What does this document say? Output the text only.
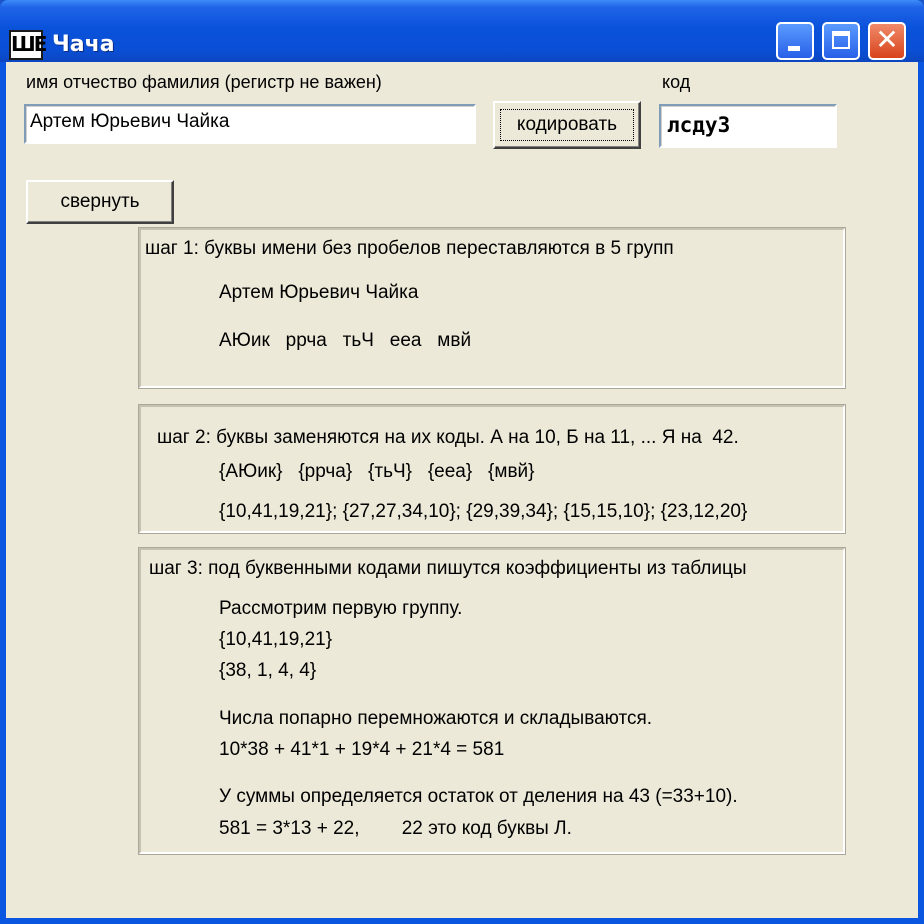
ШЕ Чача	✕
имя отчество фамилия (регистр не важен)
Артем Юрьевич Чайка	кодировать
код
лсду3
свернуть
шаг 1: буквы имени без пробелов переставляются в 5 групп
Артем Юрьевич Чайка
АЮик   ррча   тьЧ   ееа   мвй
шаг 2: буквы заменяются на их коды. А на 10, Б на 11, ... Я на  42.
{АЮик}   {ррча}   {тьЧ}   {ееа}   {мвй}
{10,41,19,21}; {27,27,34,10}; {29,39,34}; {15,15,10}; {23,12,20}
шаг 3: под буквенными кодами пишутся коэффициенты из таблицы
Рассмотрим первую группу.
{10,41,19,21}
{38, 1, 4, 4}
Числа попарно перемножаются и складываются.
10*38 + 41*1 + 19*4 + 21*4 = 581
У суммы определяется остаток от деления на 43 (=33+10).
581 = 3*13 + 22,        22 это код буквы Л.
